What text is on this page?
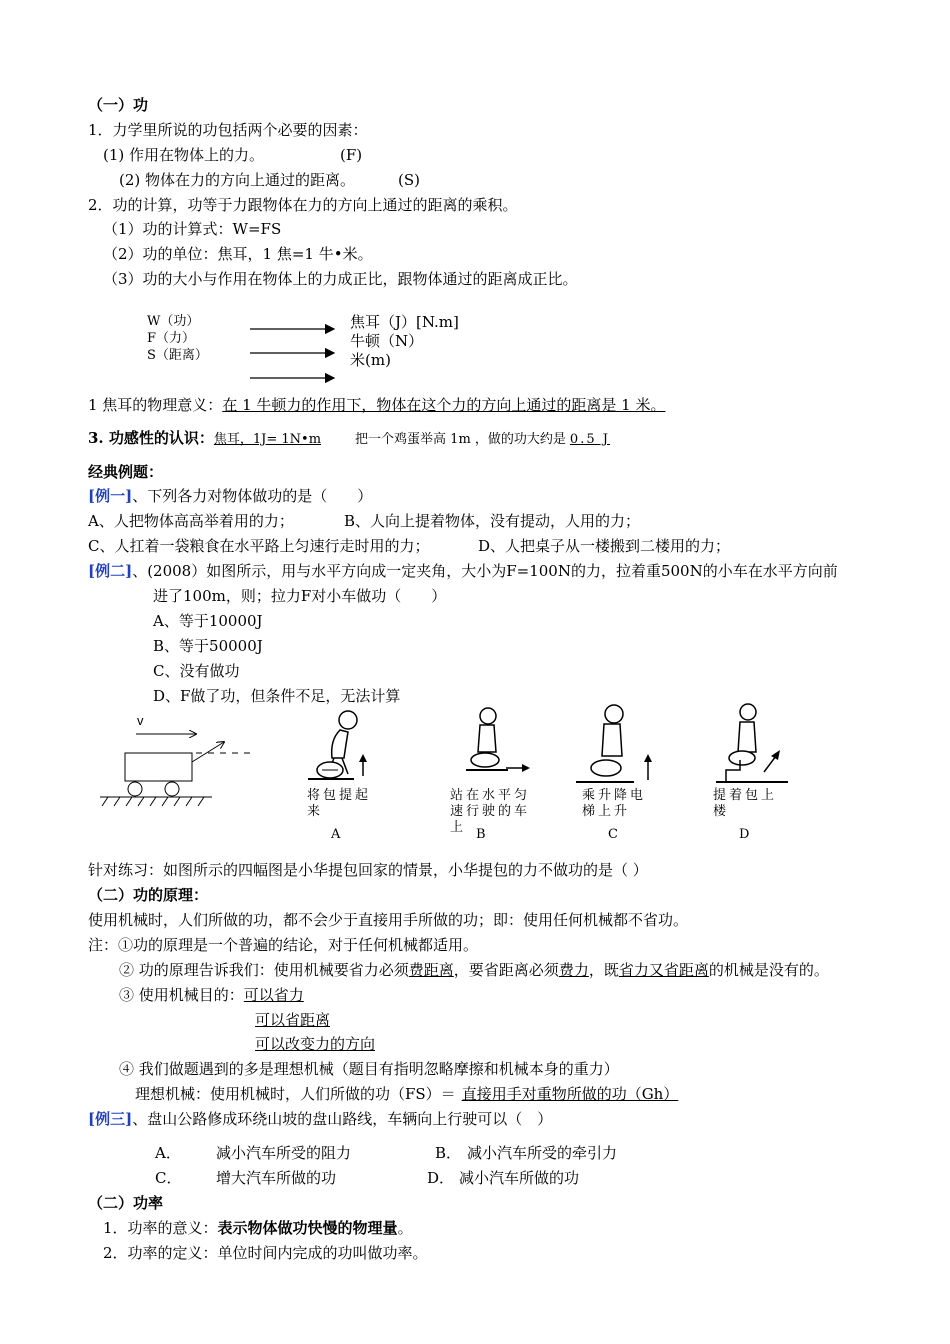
（一）功
1．力学里所说的功包括两个必要的因素：
(1) 作用在物体上的力。	(F)
(2) 物体在力的方向上通过的距离。	(S)
2．功的计算，功等于力跟物体在力的方向上通过的距离的乘积。
（1）功的计算式：W=FS
（2）功的单位：焦耳，1 焦=1 牛•米。
（3）功的大小与作用在物体上的力成正比，跟物体通过的距离成正比。
W（功）
F（力）
S（距离）
焦耳（J）[N.m]
牛顿（N）
米(m)
1 焦耳的物理意义：在 1 牛顿力的作用下，物体在这个力的方向上通过的距离是 1 米。
3. 功感性的认识：焦耳，1J= 1N•m	把一个鸡蛋举高 1m ，做的功大约是 0.5 J
经典例题：
[例一]、下列各力对物体做功的是（　　）
A、人把物体高高举着用的力；	B、人向上提着物体，没有提动，人用的力；
C、人扛着一袋粮食在水平路上匀速行走时用的力；	D、人把桌子从一楼搬到二楼用的力；
[例二]、(2008）如图所示，用与水平方向成一定夹角，大小为F=100N的力，拉着重500N的小车在水平方向前
进了100m，则；拉力F对小车做功（　　）
A、等于10000J
B、等于50000J
C、没有做功
D、F做了功，但条件不足，无法计算
v
将包提起来
站在水平匀速行驶的车上
乘升降电梯上升
提着包上楼
A	B	C	D
针对练习：如图所示的四幅图是小华提包回家的情景，小华提包的力不做功的是（ ）
（二）功的原理：
使用机械时，人们所做的功，都不会少于直接用手所做的功；即：使用任何机械都不省功。
注：①功的原理是一个普遍的结论，对于任何机械都适用。
② 功的原理告诉我们：使用机械要省力必须费距离，要省距离必须费力，既省力又省距离的机械是没有的。
③ 使用机械目的：可以省力
可以省距离
可以改变力的方向
④ 我们做题遇到的多是理想机械（题目有指明忽略摩擦和机械本身的重力）
理想机械：使用机械时，人们所做的功（FS）＝ 直接用手对重物所做的功（Gh）
[例三]、盘山公路修成环绕山坡的盘山路线，车辆向上行驶可以（　）
A． 减小汽车所受的阻力	B． 减小汽车所受的牵引力
C． 增大汽车所做的功	D． 减小汽车所做的功
（二）功率
1．功率的意义：表示物体做功快慢的物理量。
2．功率的定义：单位时间内完成的功叫做功率。
